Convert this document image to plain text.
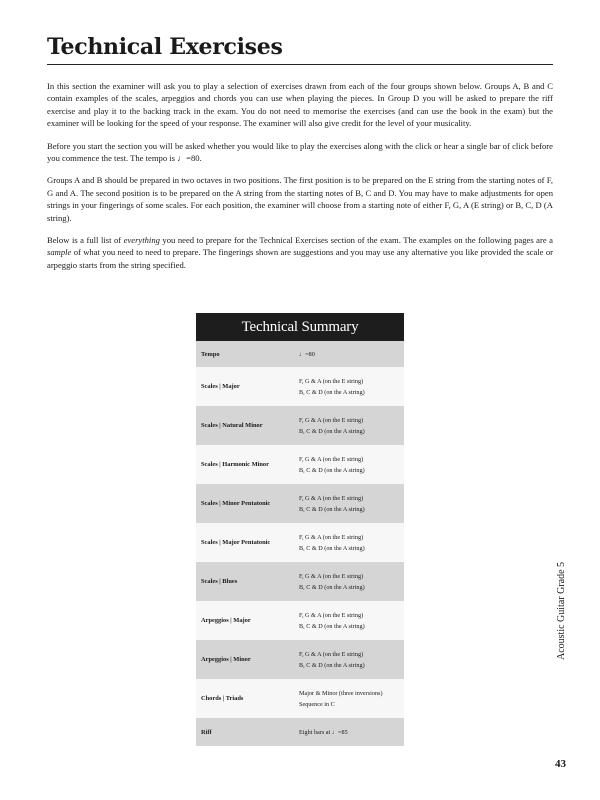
Technical Exercises

In this section the examiner will ask you to play a selection of exercises drawn from each of the four groups shown below. Groups A, B and C contain examples of the scales, arpeggios and chords you can use when playing the pieces. In Group D you will be asked to prepare the riff exercise and play it to the backing track in the exam. You do not need to memorise the exercises (and can use the book in the exam) but the examiner will be looking for the speed of your response. The examiner will also give credit for the level of your musicality.

Before you start the section you will be asked whether you would like to play the exercises along with the click or hear a single bar of click before you commence the test. The tempo is ♩=80.

Groups A and B should be prepared in two octaves in two positions. The first position is to be prepared on the E string from the starting notes of F, G and A. The second position is to be prepared on the A string from the starting notes of B, C and D. You may have to make adjustments for open strings in your fingerings of some scales. For each position, the examiner will choose from a starting note of either F, G, A (E string) or B, C, D (A string).

Below is a full list of everything you need to prepare for the Technical Exercises section of the exam. The examples on the following pages are a sample of what you need to need to prepare. The fingerings shown are suggestions and you may use any alternative you like provided the scale or arpeggio starts from the string specified.

Technical Summary
Tempo	♩=80
Scales | Major
F, G & A (on the E string)
B, C & D (on the A string)
Scales | Natural Minor
F, G & A (on the E string)
B, C & D (on the A string)
Scales | Harmonic Minor
F, G & A (on the E string)
B, C & D (on the A string)
Scales | Minor Pentatonic
F, G & A (on the E string)
B, C & D (on the A string)
Scales | Major Pentatonic
F, G & A (on the E string)
B, C & D (on the A string)
Scales | Blues
F, G & A (on the E string)
B, C & D (on the A string)
Arpeggios | Major
F, G & A (on the E string)
B, C & D (on the A string)
Arpeggios | Minor
F, G & A (on the E string)
B, C & D (on the A string)
Chords | Triads
Major & Minor (three inversions)
Sequence in C
Riff	Eight bars at ♩=85
Acoustic Guitar Grade 5
43
